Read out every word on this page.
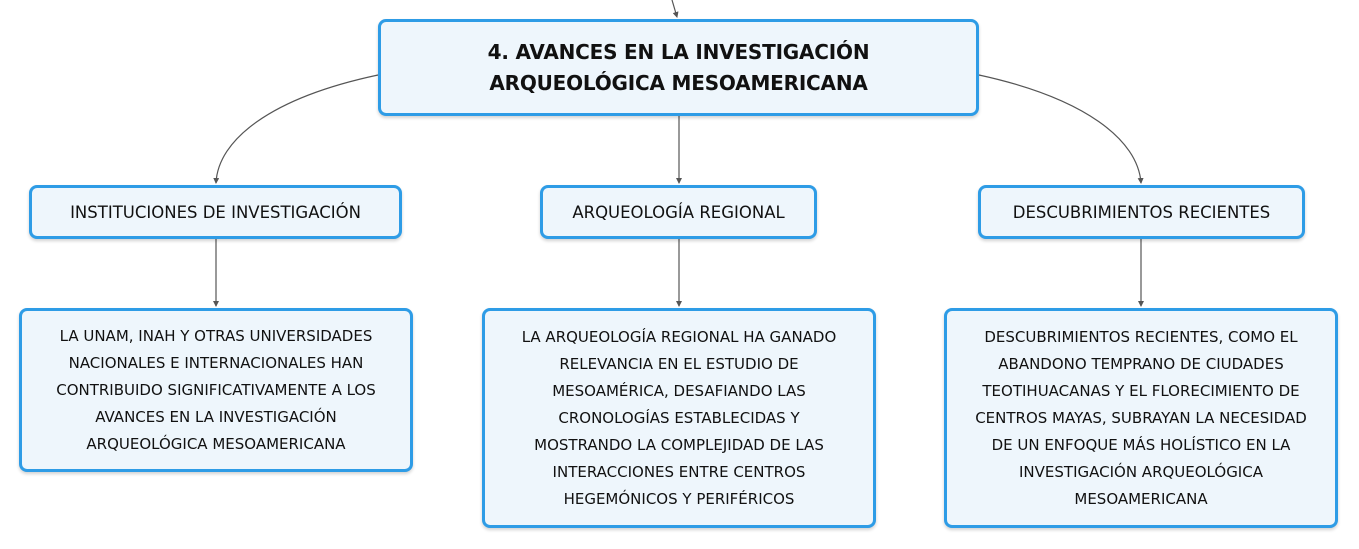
4. AVANCES EN LA INVESTIGACIÓN
ARQUEOLÓGICA MESOAMERICANA
INSTITUCIONES DE INVESTIGACIÓN	ARQUEOLOGÍA REGIONAL	DESCUBRIMIENTOS RECIENTES
LA UNAM, INAH Y OTRAS UNIVERSIDADES
NACIONALES E INTERNACIONALES HAN
CONTRIBUIDO SIGNIFICATIVAMENTE A LOS
AVANCES EN LA INVESTIGACIÓN
ARQUEOLÓGICA MESOAMERICANA
LA ARQUEOLOGÍA REGIONAL HA GANADO
RELEVANCIA EN EL ESTUDIO DE
MESOAMÉRICA, DESAFIANDO LAS
CRONOLOGÍAS ESTABLECIDAS Y
MOSTRANDO LA COMPLEJIDAD DE LAS
INTERACCIONES ENTRE CENTROS
HEGEMÓNICOS Y PERIFÉRICOS
DESCUBRIMIENTOS RECIENTES, COMO EL
ABANDONO TEMPRANO DE CIUDADES
TEOTIHUACANAS Y EL FLORECIMIENTO DE
CENTROS MAYAS, SUBRAYAN LA NECESIDAD
DE UN ENFOQUE MÁS HOLÍSTICO EN LA
INVESTIGACIÓN ARQUEOLÓGICA
MESOAMERICANA
